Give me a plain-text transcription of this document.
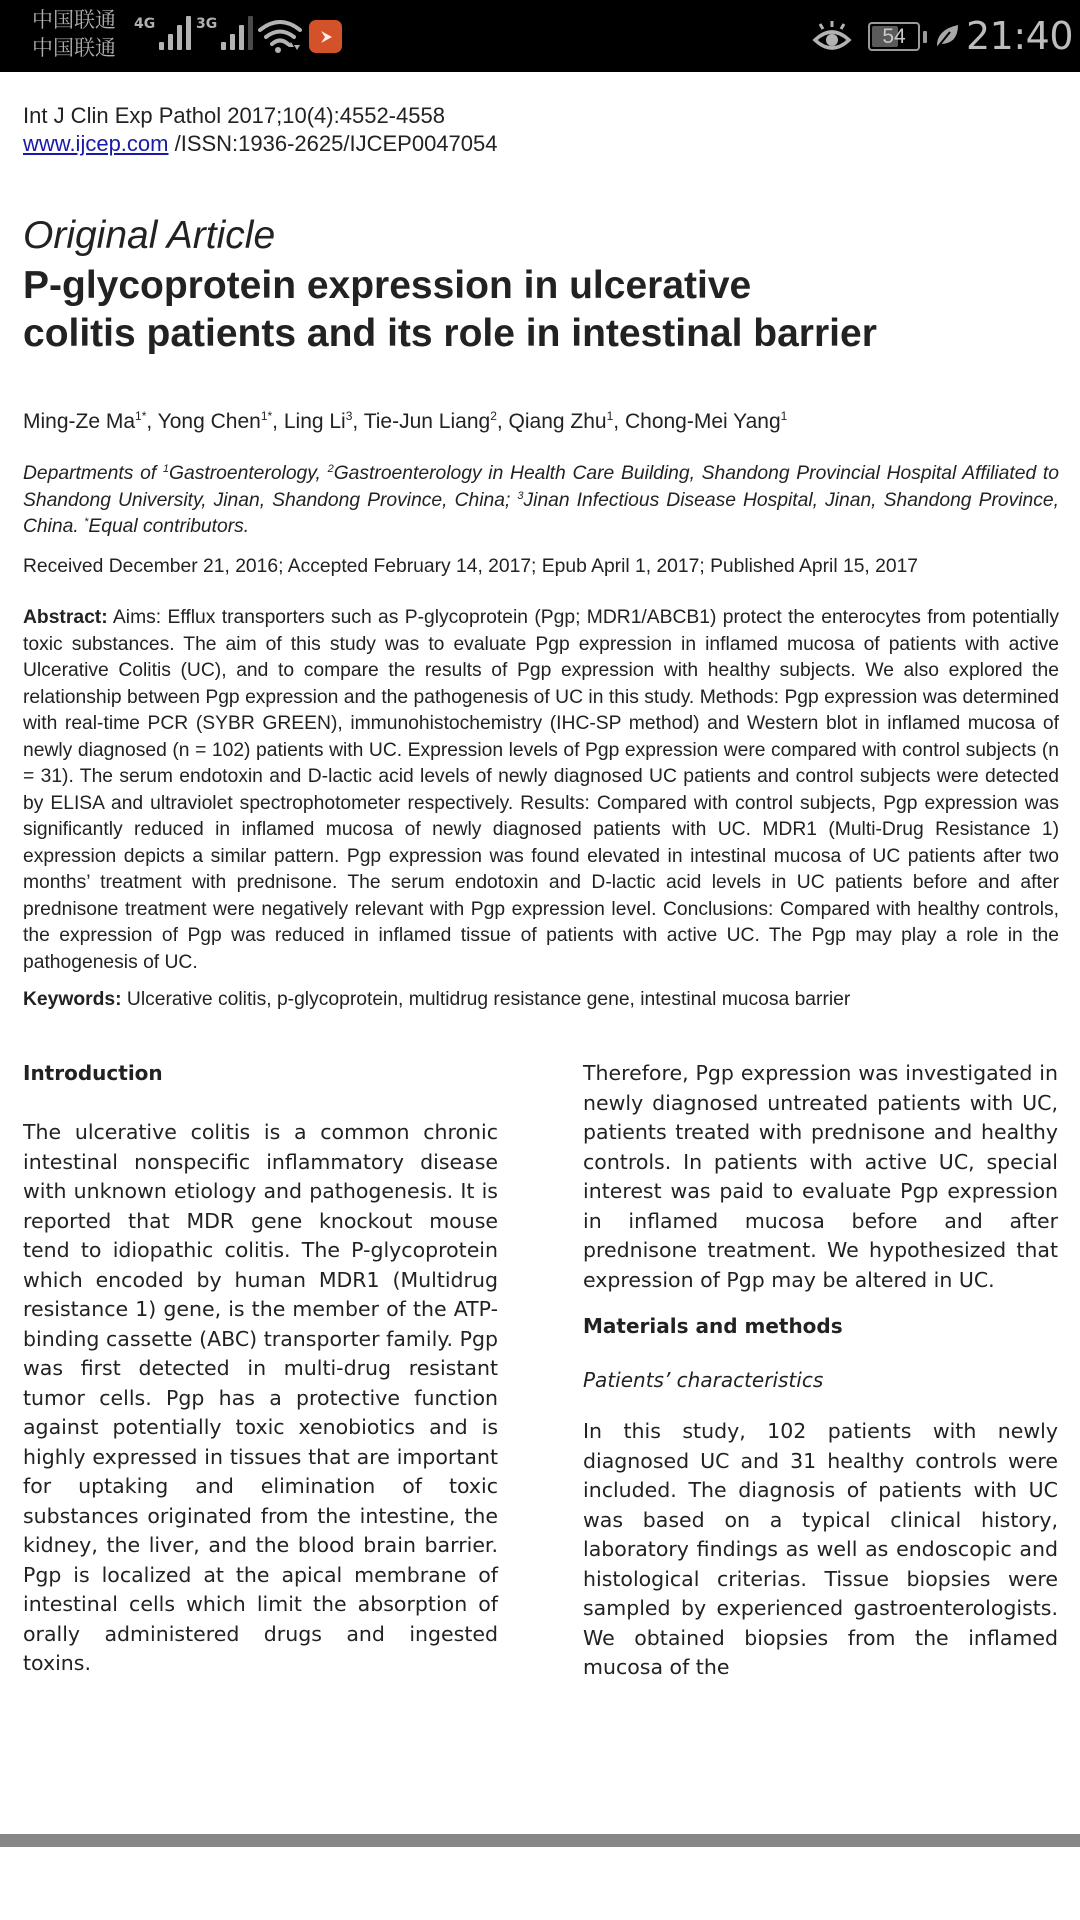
中国联通
中国联通
4G	3G
54	21:40
Int J Clin Exp Pathol 2017;10(4):4552-4558
www.ijcep.com /ISSN:1936-2625/IJCEP0047054
Original Article
P-glycoprotein expression in ulcerative
colitis patients and its role in intestinal barrier
Ming-Ze $Ma^{1*}$, Yong Chen$^{1*}$, Ling Li$^3$, Tie-Jun Liang$^2$, Qiang Zhu$^1$, Chong-Mei Yang$^1$
Departments of $^1$Gastroenterology, $^2$Gastroenterology in Health Care Building, Shandong Provincial Hospital Affiliated to Shandong University, Jinan, Shandong Province, China; $^3$Jinan Infectious Disease Hospital, Jinan, Shandong Province, China. *Equal contributors.
Received December 21, 2016; Accepted February 14, 2017; Epub April 1, 2017; Published April 15, 2017
Abstract: Aims: Efflux transporters such as P-glycoprotein (Pgp; MDR1/ABCB1) protect the enterocytes from potentially toxic substances. The aim of this study was to evaluate Pgp expression in inflamed mucosa of patients with active Ulcerative Colitis (UC), and to compare the results of Pgp expression with healthy subjects. We also explored the relationship between Pgp expression and the pathogenesis of UC in this study. Methods: Pgp expression was determined with real-time PCR (SYBR GREEN), immunohistochemistry (IHC-SP method) and Western blot in inflamed mucosa of newly diagnosed (n = 102) patients with UC. Expression levels of Pgp expression were compared with control subjects (n = 31). The serum endotoxin and D-lactic acid levels of newly diagnosed UC patients and control subjects were detected by ELISA and ultraviolet spectrophotometer respectively. Results: Compared with control subjects, Pgp expression was significantly reduced in inflamed mucosa of newly diagnosed patients with UC. MDR1 (Multi-Drug Resistance 1) expression depicts a similar pattern. Pgp expression was found elevated in intestinal mucosa of UC patients after two months’ treatment with prednisone. The serum endotoxin and D-lactic acid levels in UC patients before and after prednisone treatment were negatively relevant with Pgp expression level. Conclusions: Compared with healthy controls, the expression of Pgp was reduced in inflamed tissue of patients with active UC. The Pgp may play a role in the pathogenesis of UC.
Keywords: Ulcerative colitis, p-glycoprotein, multidrug resistance gene, intestinal mucosa barrier
Introduction
The ulcerative colitis is a common chronic intestinal nonspecific inflammatory disease with unknown etiology and pathogenesis. It is reported that MDR gene knockout mouse tend to idiopathic colitis. The P-glycoprotein which encoded by human MDR1 (Multidrug resistance 1) gene, is the member of the ATP-binding cassette (ABC) transporter family. Pgp was first detected in multi-drug resistant tumor cells. Pgp has a protective function against potentially toxic xenobiotics and is highly expressed in tissues that are important for uptaking and elimination of toxic substances originated from the intestine, the kidney, the liver, and the blood brain barrier. Pgp is localized at the apical membrane of intestinal cells which limit the absorption of orally administered drugs and ingested toxins.
Therefore, Pgp expression was investigated in newly diagnosed untreated patients with UC, patients treated with prednisone and healthy controls. In patients with active UC, special interest was paid to evaluate Pgp expression in inflamed mucosa before and after prednisone treatment. We hypothesized that expression of Pgp may be altered in UC.
Materials and methods
Patients’ characteristics
In this study, 102 patients with newly diagnosed UC and 31 healthy controls were included. The diagnosis of patients with UC was based on a typical clinical history, laboratory findings as well as endoscopic and histological criterias. Tissue biopsies were sampled by experienced gastroenterologists. We obtained biopsies from the inflamed mucosa of the
